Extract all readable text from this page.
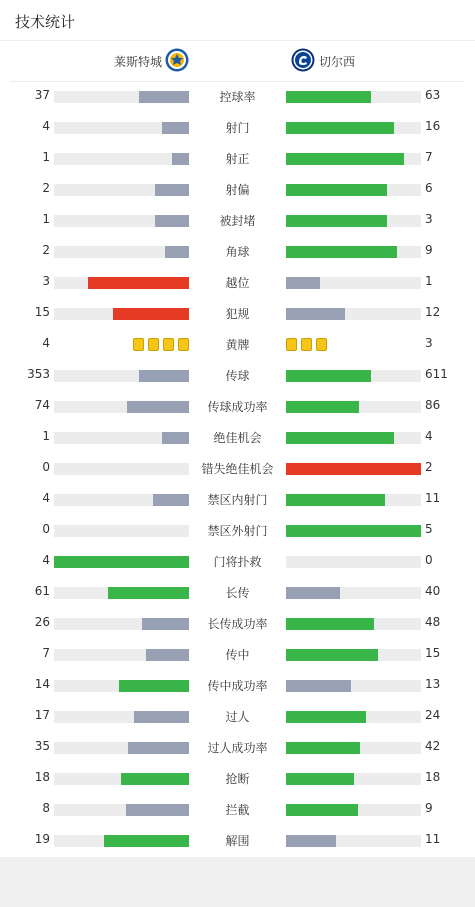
技术统计
莱斯特城	切尔西
37	控球率	63
4	射门	16
1	射正	7
2	射偏	6
1	被封堵	3
2	角球	9
3	越位	1
15	犯规	12
4	黄牌	3
353	传球	611
74	传球成功率	86
1	绝佳机会	4
0	错失绝佳机会	2
4	禁区内射门	11
0	禁区外射门	5
4	门将扑救	0
61	长传	40
26	长传成功率	48
7	传中	15
14	传中成功率	13
17	过人	24
35	过人成功率	42
18	抢断	18
8	拦截	9
19	解围	11
